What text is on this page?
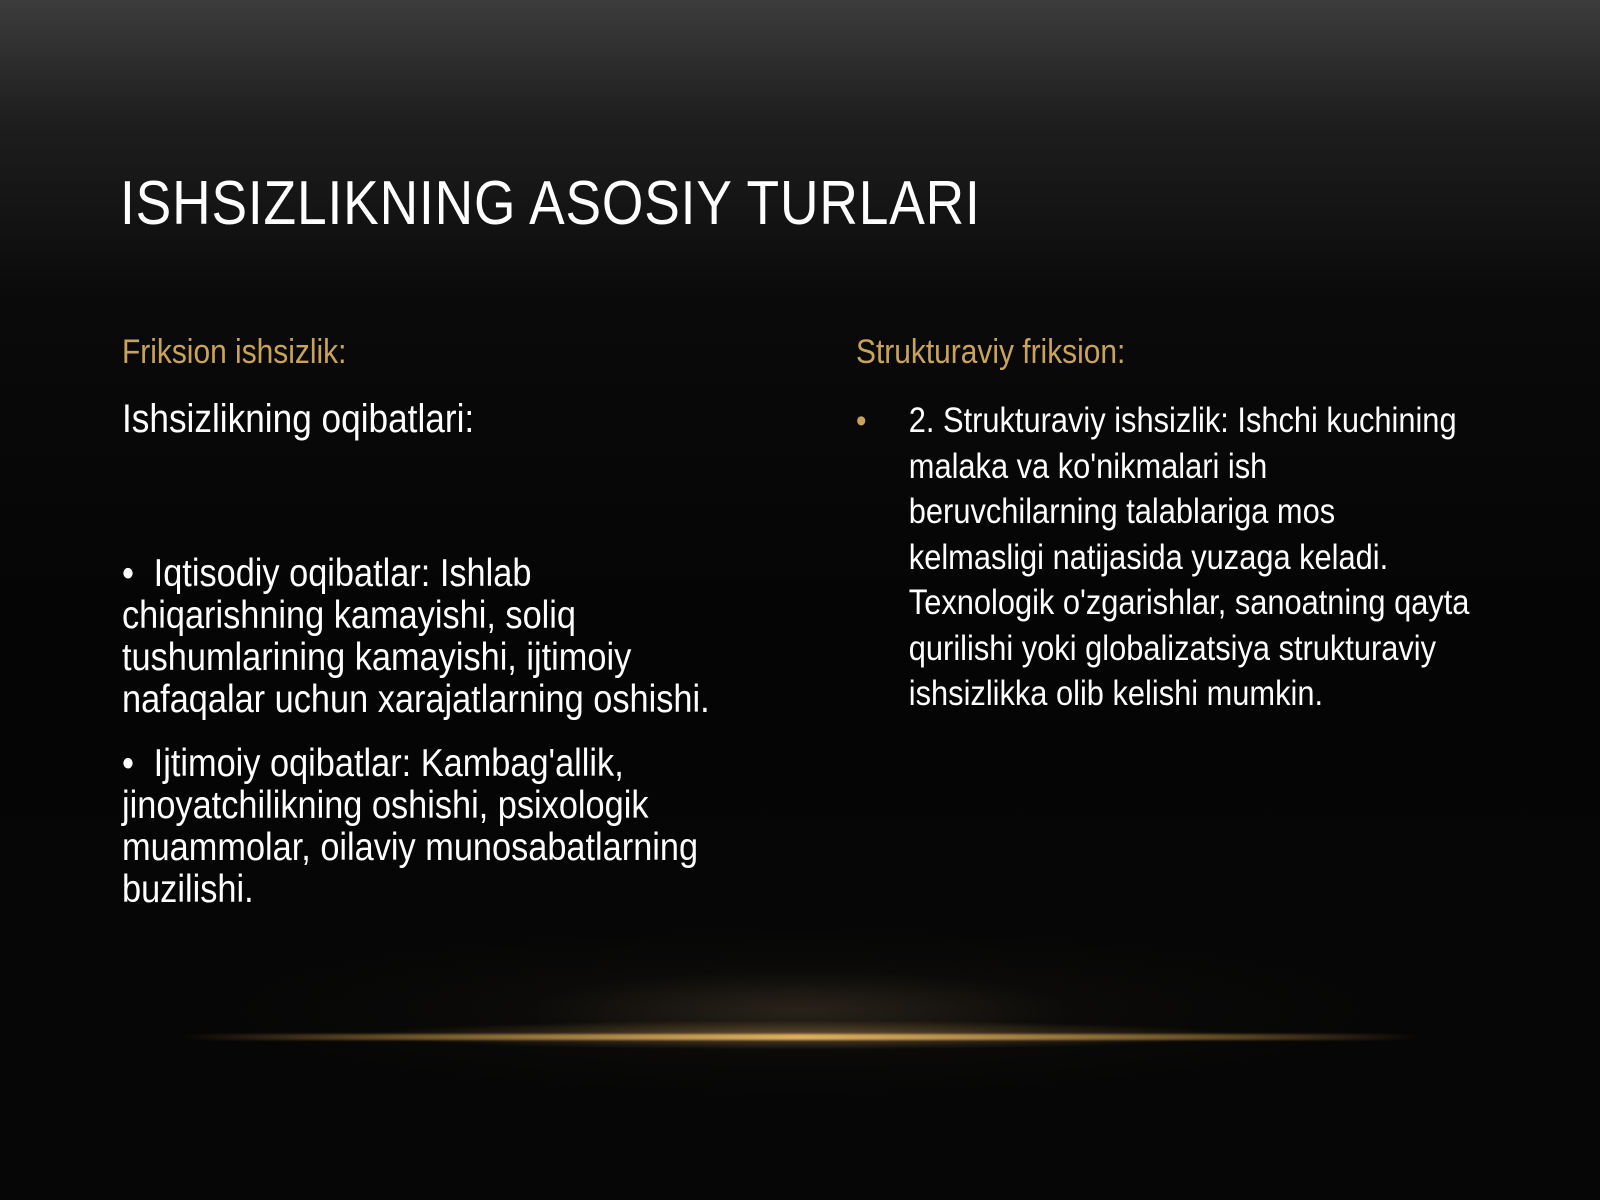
ISHSIZLIKNING ASOSIY TURLARI
Friksion ishsizlik:	Strukturaviy friksion:
Ishsizlikning oqibatlari:
• Iqtisodiy oqibatlar: Ishlab chiqarishning kamayishi, soliq tushumlarining kamayishi, ijtimoiy nafaqalar uchun xarajatlarning oshishi.
• Ijtimoiy oqibatlar: Kambag'allik, jinoyatchilikning oshishi, psixologik muammolar, oilaviy munosabatlarning buzilishi.
• 2. Strukturaviy ishsizlik: Ishchi kuchining malaka va ko'nikmalari ish beruvchilarning talablariga mos kelmasligi natijasida yuzaga keladi. Texnologik o'zgarishlar, sanoatning qayta qurilishi yoki globalizatsiya strukturaviy ishsizlikka olib kelishi mumkin.
